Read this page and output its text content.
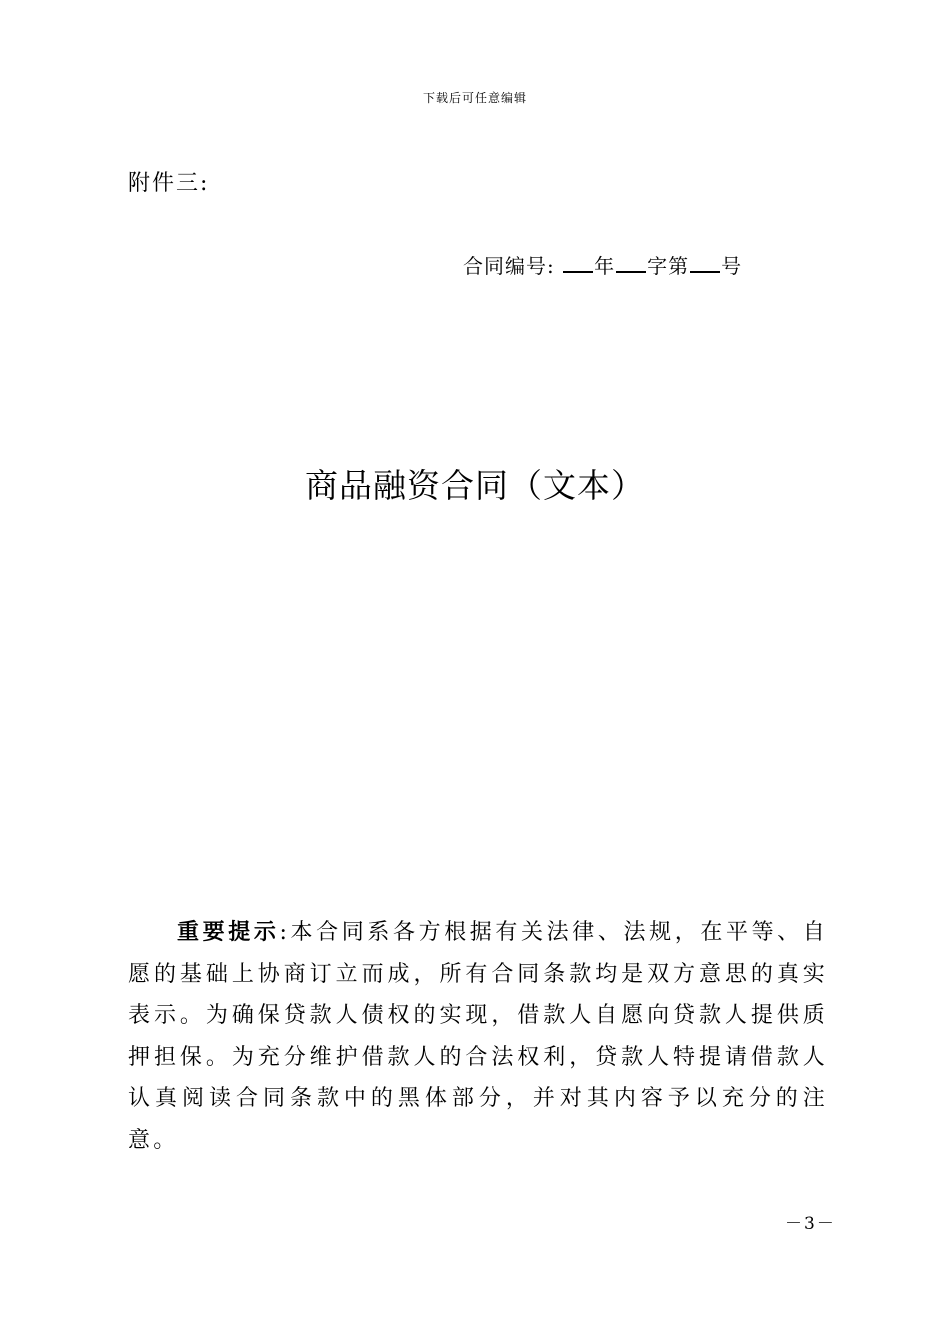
下载后可任意编辑
附件三:
合同编号: 年 字第 号
商品融资合同（文本）

重要提示:本合同系各方根据有关法律、法规，在平等、自愿的基础上协商订立而成，所有合同条款均是双方意思的真实表示。为确保贷款人债权的实现，借款人自愿向贷款人提供质押担保。为充分维护借款人的合法权利，贷款人特提请借款人认真阅读合同条款中的黑体部分，并对其内容予以充分的注意。

－3－
